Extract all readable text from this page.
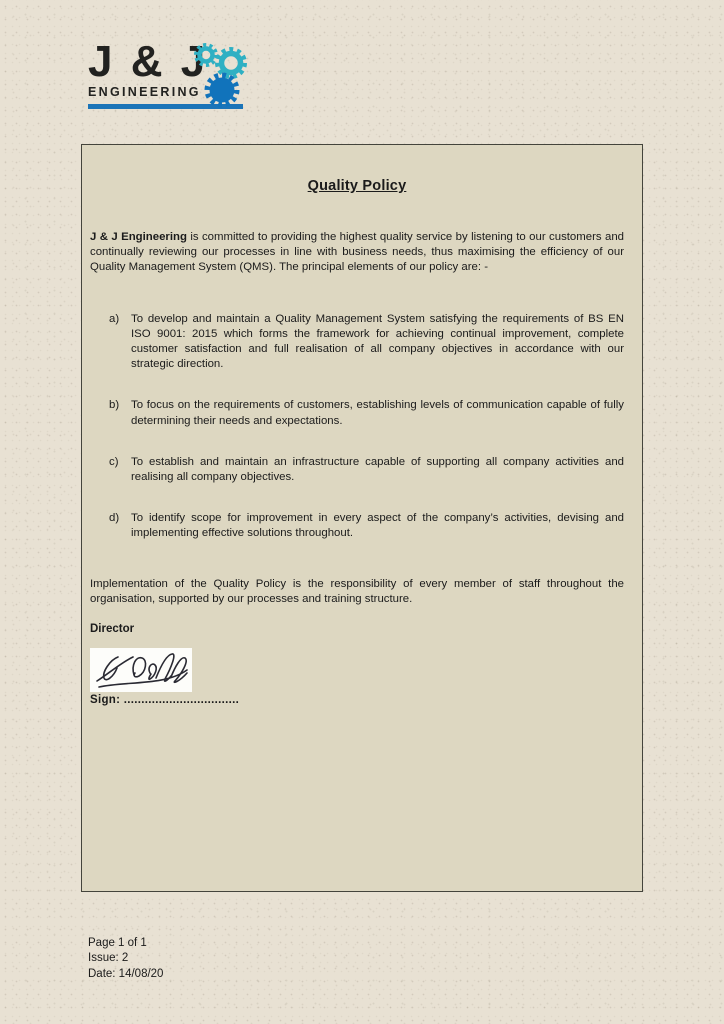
J & J
ENGINEERING
Quality Policy

J & J Engineering is committed to providing the highest quality service by listening to our customers and continually reviewing our processes in line with business needs, thus maximising the efficiency of our Quality Management System (QMS). The principal elements of our policy are: -

a)	To develop and maintain a Quality Management System satisfying the requirements of BS EN ISO 9001: 2015 which forms the framework for achieving continual improvement, complete customer satisfaction and full realisation of all company objectives in accordance with our strategic direction.
b)	To focus on the requirements of customers, establishing levels of communication capable of fully determining their needs and expectations.
c)	To establish and maintain an infrastructure capable of supporting all company activities and realising all company objectives.
d)	To identify scope for improvement in every aspect of the company’s activities, devising and implementing effective solutions throughout.

Implementation of the Quality Policy is the responsibility of every member of staff throughout the organisation, supported by our processes and training structure.

Director
Sign: .................................
Page 1 of 1
Issue: 2
Date: 14/08/20
